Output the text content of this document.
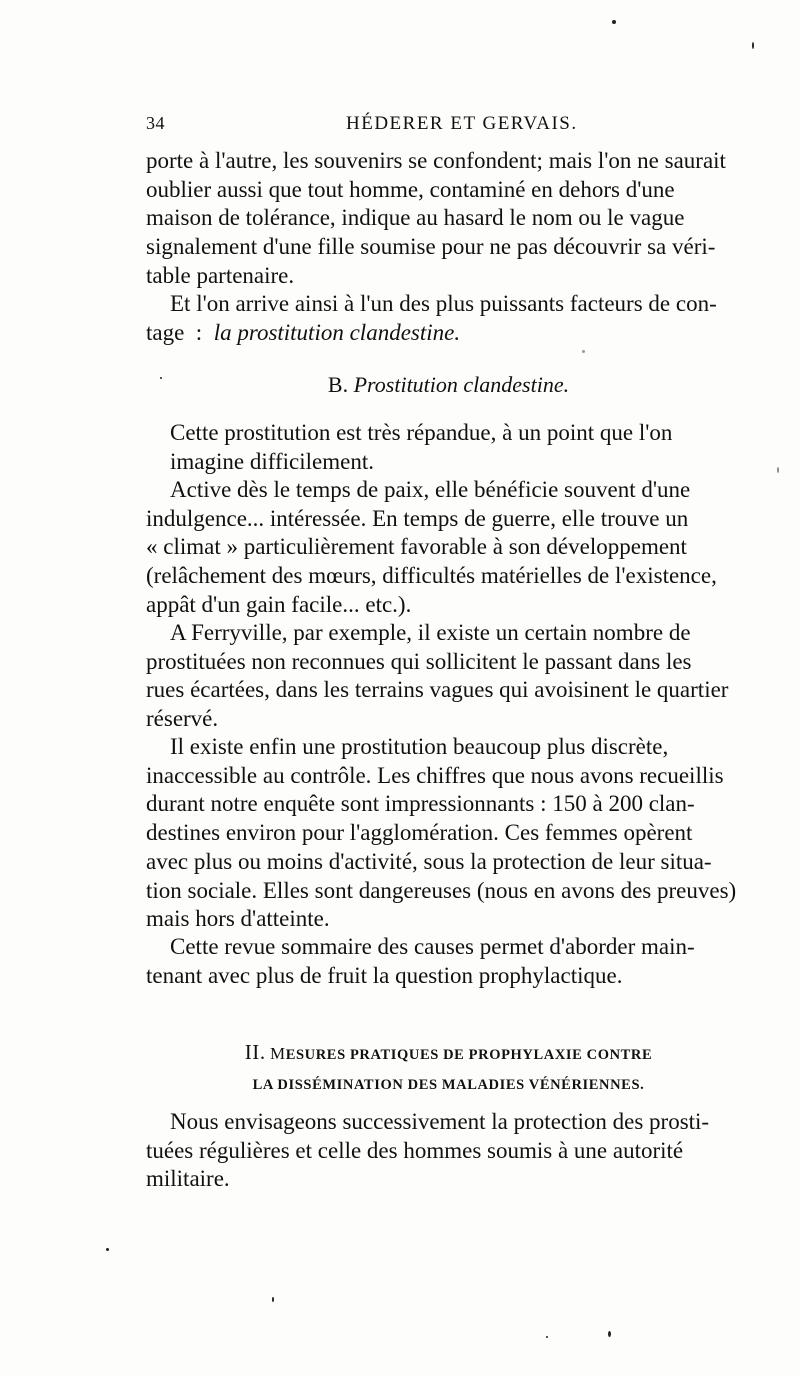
34	HÉDERER ET GERVAIS.
porte à l'autre, les souvenirs se confondent; mais l'on ne saurait
oublier aussi que tout homme, contaminé en dehors d'une
maison de tolérance, indique au hasard le nom ou le vague
signalement d'une fille soumise pour ne pas découvrir sa véri-
table partenaire.
Et l'on arrive ainsi à l'un des plus puissants facteurs de con-
tage  :  la prostitution clandestine.
B. Prostitution clandestine.
Cette prostitution est très répandue, à un point que l'on
imagine difficilement.
Active dès le temps de paix, elle bénéficie souvent d'une
indulgence... intéressée. En temps de guerre, elle trouve un
« climat » particulièrement favorable à son développement
(relâchement des mœurs, difficultés matérielles de l'existence,
appât d'un gain facile... etc.).
A Ferryville, par exemple, il existe un certain nombre de
prostituées non reconnues qui sollicitent le passant dans les
rues écartées, dans les terrains vagues qui avoisinent le quartier
réservé.
Il existe enfin une prostitution beaucoup plus discrète,
inaccessible au contrôle. Les chiffres que nous avons recueillis
durant notre enquête sont impressionnants : 150 à 200 clan-
destines environ pour l'agglomération. Ces femmes opèrent
avec plus ou moins d'activité, sous la protection de leur situa-
tion sociale. Elles sont dangereuses (nous en avons des preuves)
mais hors d'atteinte.
Cette revue sommaire des causes permet d'aborder main-
tenant avec plus de fruit la question prophylactique.
II. MESURES PRATIQUES DE PROPHYLAXIE CONTRE
LA DISSÉMINATION DES MALADIES VÉNÉRIENNES.
Nous envisageons successivement la protection des prosti-
tuées régulières et celle des hommes soumis à une autorité
militaire.
